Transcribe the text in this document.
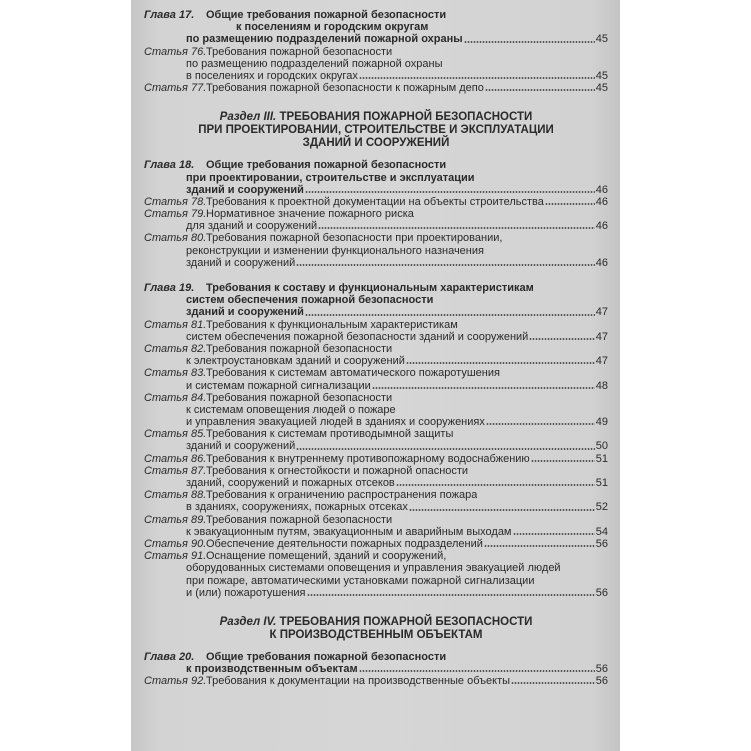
Глава 17.	Общие требования пожарной безопасности
к поселениям и городским округам
по размещению подразделений пожарной охраны	45
Статья 76. Требования пожарной безопасности
по размещению подразделений пожарной охраны
в поселениях и городских округах	45
Статья 77. Требования пожарной безопасности к пожарным депо	45
Раздел III. ТРЕБОВАНИЯ ПОЖАРНОЙ БЕЗОПАСНОСТИ
ПРИ ПРОЕКТИРОВАНИИ, СТРОИТЕЛЬСТВЕ И ЭКСПЛУАТАЦИИ
ЗДАНИЙ И СООРУЖЕНИЙ
Глава 18.	Общие требования пожарной безопасности
при проектировании, строительстве и эксплуатации
зданий и сооружений	46
Статья 78. Требования к проектной документации на объекты строительства	46
Статья 79. Нормативное значение пожарного риска
для зданий и сооружений	46
Статья 80. Требования пожарной безопасности при проектировании,
реконструкции и изменении функционального назначения
зданий и сооружений	46
Глава 19.	Требования к составу и функциональным характеристикам
систем обеспечения пожарной безопасности
зданий и сооружений	47
Статья 81. Требования к функциональным характеристикам
систем обеспечения пожарной безопасности зданий и сооружений	47
Статья 82. Требования пожарной безопасности
к электроустановкам зданий и сооружений	47
Статья 83. Требования к системам автоматического пожаротушения
и системам пожарной сигнализации	48
Статья 84. Требования пожарной безопасности
к системам оповещения людей о пожаре
и управления эвакуацией людей в зданиях и сооружениях	49
Статья 85. Требования к системам противодымной защиты
зданий и сооружений	50
Статья 86. Требования к внутреннему противопожарному водоснабжению	51
Статья 87. Требования к огнестойкости и пожарной опасности
зданий, сооружений и пожарных отсеков	51
Статья 88. Требования к ограничению распространения пожара
в зданиях, сооружениях, пожарных отсеках	52
Статья 89. Требования пожарной безопасности
к эвакуационным путям, эвакуационным и аварийным выходам	54
Статья 90. Обеспечение деятельности пожарных подразделений	56
Статья 91. Оснащение помещений, зданий и сооружений,
оборудованных системами оповещения и управления эвакуацией людей
при пожаре, автоматическими установками пожарной сигнализации
и (или) пожаротушения	56
Раздел IV. ТРЕБОВАНИЯ ПОЖАРНОЙ БЕЗОПАСНОСТИ
К ПРОИЗВОДСТВЕННЫМ ОБЪЕКТАМ
Глава 20.	Общие требования пожарной безопасности
к производственным объектам	56
Статья 92. Требования к документации на производственные объекты	56
